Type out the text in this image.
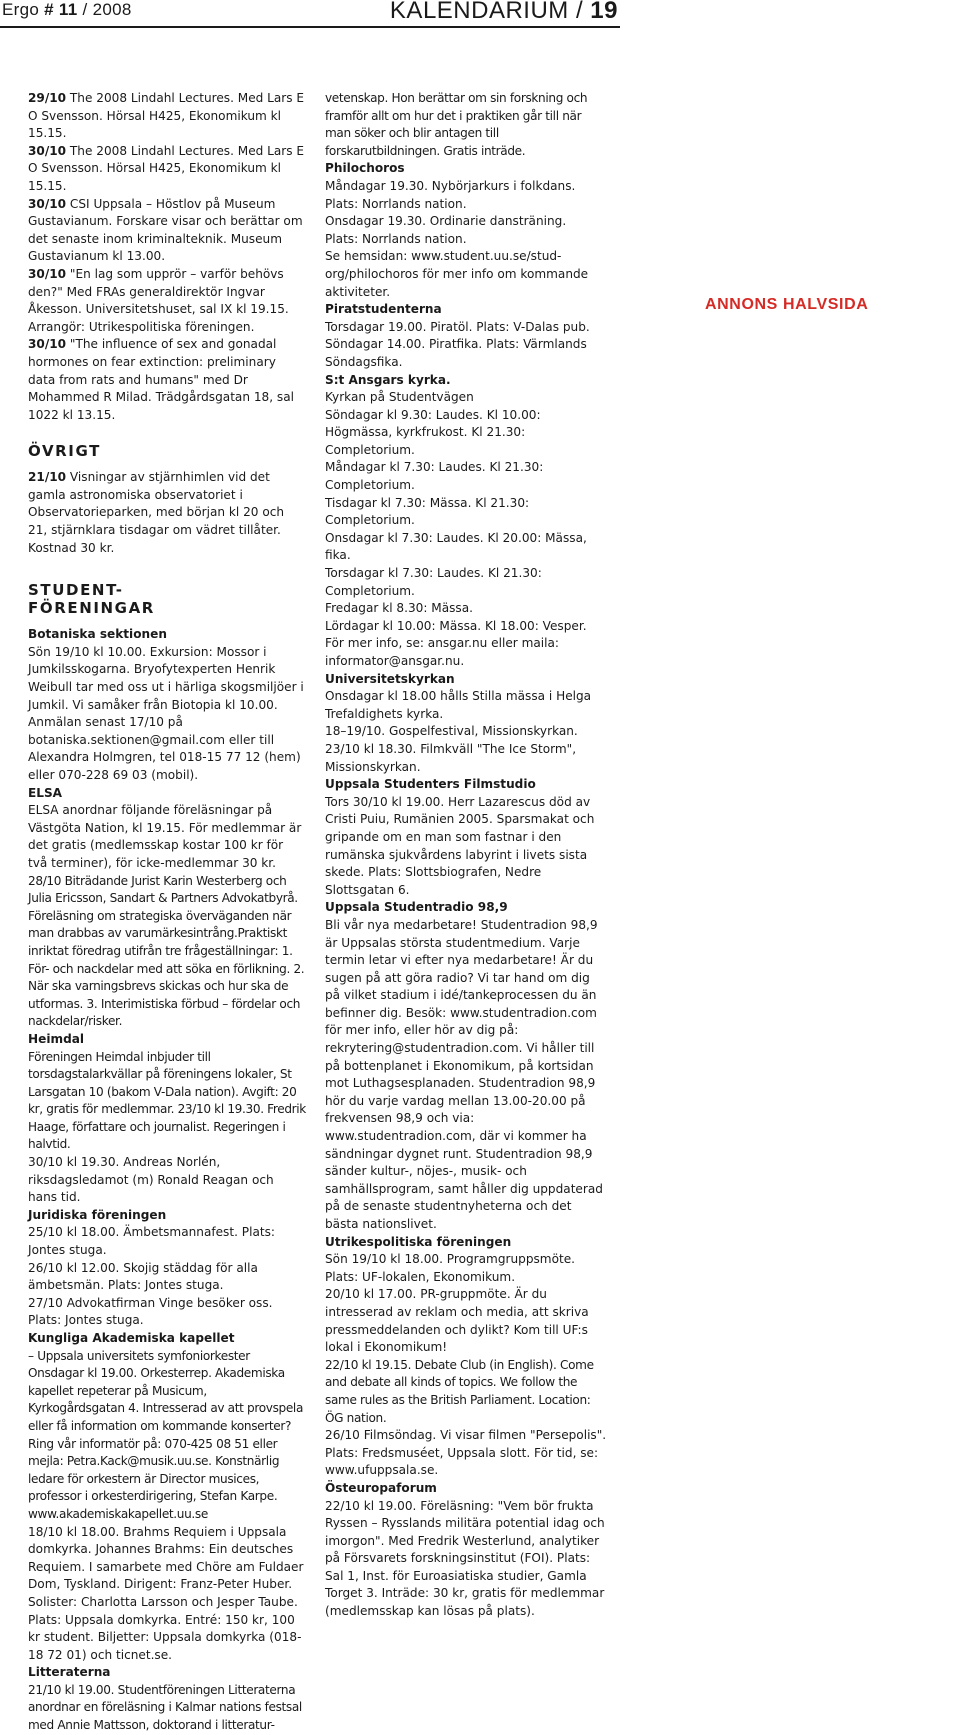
Ergo # 11 / 2008	KALENDARIUM / 19
ANNONS HALVSIDA

29/10 The 2008 Lindahl Lectures. Med Lars E O Svensson. Hörsal H425, Ekonomikum kl 15.15.

30/10 The 2008 Lindahl Lectures. Med Lars E O Svensson. Hörsal H425, Ekonomikum kl 15.15.

30/10 CSI Uppsala – Höstlov på Museum Gustavianum. Forskare visar och berättar om det senaste inom kriminalteknik. Museum Gustavianum kl 13.00.

30/10 "En lag som upprör – varför behövs den?" Med FRAs generaldirektör Ingvar Åkesson. Universitetshuset, sal IX kl 19.15. Arrangör: Utrikespolitiska föreningen.

30/10 "The influence of sex and gonadal hormones on fear extinction: preliminary data from rats and humans" med Dr Mohammed R Milad. Trädgårdsgatan 18, sal 1022 kl 13.15.

ÖVRIGT

21/10 Visningar av stjärnhimlen vid det gamla astronomiska observatoriet i Observatorieparken, med början kl 20 och 21, stjärnklara tisdagar om vädret tillåter. Kostnad 30 kr.

STUDENT-
FÖRENINGAR

Botaniska sektionen

Sön 19/10 kl 10.00. Exkursion: Mossor i Jumkilsskogarna. Bryofytexperten Henrik Weibull tar med oss ut i härliga skogsmiljöer i Jumkil. Vi samåker från Biotopia kl 10.00. Anmälan senast 17/10 på botaniska.sektionen@gmail.com eller till Alexandra Holmgren, tel 018-15 77 12 (hem) eller 070-228 69 03 (mobil).

ELSA

ELSA anordnar följande föreläsningar på Västgöta Nation, kl 19.15. För medlemmar är det gratis (medlemsskap kostar 100 kr för två terminer), för icke-medlemmar 30 kr.

28/10 Biträdande Jurist Karin Westerberg och Julia Ericsson, Sandart & Partners Advokatbyrå. Föreläsning om strategiska överväganden när man drabbas av varumärkesintrång.Praktiskt inriktat föredrag utifrån tre frågeställningar: 1. För- och nackdelar med att söka en förlikning. 2. När ska varningsbrevs skickas och hur ska de utformas. 3. Interimistiska förbud – fördelar och nackdelar/risker.

Heimdal

Föreningen Heimdal inbjuder till torsdagstalarkvällar på föreningens lokaler, St Larsgatan 10 (bakom V-Dala nation). Avgift: 20 kr, gratis för medlemmar. 23/10 kl 19.30. Fredrik Haage, författare och journalist. Regeringen i halvtid.

30/10 kl 19.30. Andreas Norlén, riksdagsledamot (m) Ronald Reagan och hans tid.

Juridiska föreningen

25/10 kl 18.00. Ämbetsmannafest. Plats: Jontes stuga.

26/10 kl 12.00. Skojig städdag för alla ämbetsmän. Plats: Jontes stuga.

27/10 Advokatfirman Vinge besöker oss. Plats: Jontes stuga.

Kungliga Akademiska kapellet

– Uppsala universitets symfoniorkester Onsdagar kl 19.00. Orkesterrep. Akademiska kapellet repeterar på Musicum, Kyrkogårdsgatan 4. Intresserad av att provspela eller få information om kommande konserter? Ring vår informatör på: 070-425 08 51 eller mejla: Petra.Kack@musik.uu.se. Konstnärlig ledare för orkestern är Director musices, professor i orkesterdirigering, Stefan Karpe. www.akademiskakapellet.uu.se

18/10 kl 18.00. Brahms Requiem i Uppsala domkyrka. Johannes Brahms: Ein deutsches Requiem. I samarbete med Chöre am Fuldaer Dom, Tyskland. Dirigent: Franz-Peter Huber. Solister: Charlotta Larsson och Jesper Taube. Plats: Uppsala domkyrka. Entré: 150 kr, 100 kr student. Biljetter: Uppsala domkyrka (018-18 72 01) och ticnet.se.

Litteraterna

21/10 kl 19.00. Studentföreningen Litteraterna anordnar en föreläsning i Kalmar nations festsal med Annie Mattsson, doktorand i litteratur-

vetenskap. Hon berättar om sin forskning och framför allt om hur det i praktiken går till när man söker och blir antagen till forskarutbildningen. Gratis inträde.

Philochoros

Måndagar 19.30. Nybörjarkurs i folkdans.

Plats: Norrlands nation.

Onsdagar 19.30. Ordinarie dansträning.

Plats: Norrlands nation.

Se hemsidan: www.student.uu.se/stud-org/philochoros för mer info om kommande aktiviteter.

Piratstudenterna

Torsdagar 19.00. Piratöl. Plats: V-Dalas pub. Söndagar 14.00. Piratfika. Plats: Värmlands Söndagsfika.

S:t Ansgars kyrka.

Kyrkan på Studentvägen

Söndagar kl 9.30: Laudes. Kl 10.00: Högmässa, kyrkfrukost. Kl 21.30: Completorium.

Måndagar kl 7.30: Laudes. Kl 21.30: Completorium.

Tisdagar kl 7.30: Mässa. Kl 21.30: Completorium.

Onsdagar kl 7.30: Laudes. Kl 20.00: Mässa, fika.

Torsdagar kl 7.30: Laudes. Kl 21.30: Completorium.

Fredagar kl 8.30: Mässa.

Lördagar kl 10.00: Mässa. Kl 18.00: Vesper.

För mer info, se: ansgar.nu eller maila: informator@ansgar.nu.

Universitetskyrkan

Onsdagar kl 18.00 hålls Stilla mässa i Helga Trefaldighets kyrka.

18–19/10. Gospelfestival, Missionskyrkan.

23/10 kl 18.30. Filmkväll "The Ice Storm", Missionskyrkan.

Uppsala Studenters Filmstudio

Tors 30/10 kl 19.00. Herr Lazarescus död av Cristi Puiu, Rumänien 2005. Sparsmakat och gripande om en man som fastnar i den rumänska sjukvårdens labyrint i livets sista skede. Plats: Slottsbiografen, Nedre Slottsgatan 6.

Uppsala Studentradio 98,9

Bli vår nya medarbetare! Studentradion 98,9 är Uppsalas största studentmedium. Varje termin letar vi efter nya medarbetare! Är du sugen på att göra radio? Vi tar hand om dig på vilket stadium i idé/tankeprocessen du än befinner dig. Besök: www.studentradion.com för mer info, eller hör av dig på: rekrytering@studentradion.com. Vi håller till på bottenplanet i Ekonomikum, på kortsidan mot Luthagsesplanaden. Studentradion 98,9 hör du varje vardag mellan 13.00-20.00 på frekvensen 98,9 och via: www.studentradion.com, där vi kommer ha sändningar dygnet runt. Studentradion 98,9 sänder kultur-, nöjes-, musik- och samhällsprogram, samt håller dig uppdaterad på de senaste studentnyheterna och det bästa nationslivet.

Utrikespolitiska föreningen

Sön 19/10 kl 18.00. Programgruppsmöte. Plats: UF-lokalen, Ekonomikum.

20/10 kl 17.00. PR-gruppmöte. Är du intresserad av reklam och media, att skriva pressmeddelanden och dylikt? Kom till UF:s lokal i Ekonomikum!

22/10 kl 19.15. Debate Club (in English). Come and debate all kinds of topics. We follow the same rules as the British Parliament. Location: ÖG nation.

26/10 Filmsöndag. Vi visar filmen "Persepolis". Plats: Fredsmuséet, Uppsala slott. För tid, se: www.ufuppsala.se.

Östeuropaforum

22/10 kl 19.00. Föreläsning: "Vem bör frukta Ryssen – Rysslands militära potential idag och imorgon". Med Fredrik Westerlund, analytiker på Försvarets forskningsinstitut (FOI). Plats: Sal 1, Inst. för Euroasiatiska studier, Gamla Torget 3. Inträde: 30 kr, gratis för medlemmar (medlemsskap kan lösas på plats).
